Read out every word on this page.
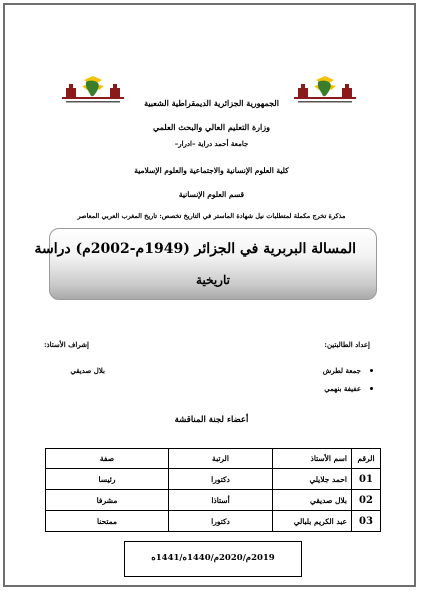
الجمهورية الجزائرية الديمقراطية الشعبية
وزارة التعليم العالي والبحث العلمي
جامعة أحمد دراية –ادرار–
كلية العلوم الإنسانية والاجتماعية والعلوم الإسلامية
قسم العلوم الإنسانية
مذكرة تخرج مكملة لمتطلبات نيل شهادة الماستر في التاريخ تخصص: تاريخ المغرب العربي المعاصر
المسالة البربرية في الجزائر (1949م-2002م) دراسة
تاريخية
إعداد الطالبتين:
إشراف الأستاذ:
جمعة لطرش
عفيفة بنهمي
بلال صديقي
أعضاء لجنة المناقشة
الرقم	اسم الأستاذ	الرتبة	صفة
01	احمد جلايلي	دكتورا	رئيسا
02	بلال صديقي	أستاذا	مشرفا
03	عبد الكريم بلبالي	دكتورا	ممتحنا
2019م/2020م/1440ه/1441ه
